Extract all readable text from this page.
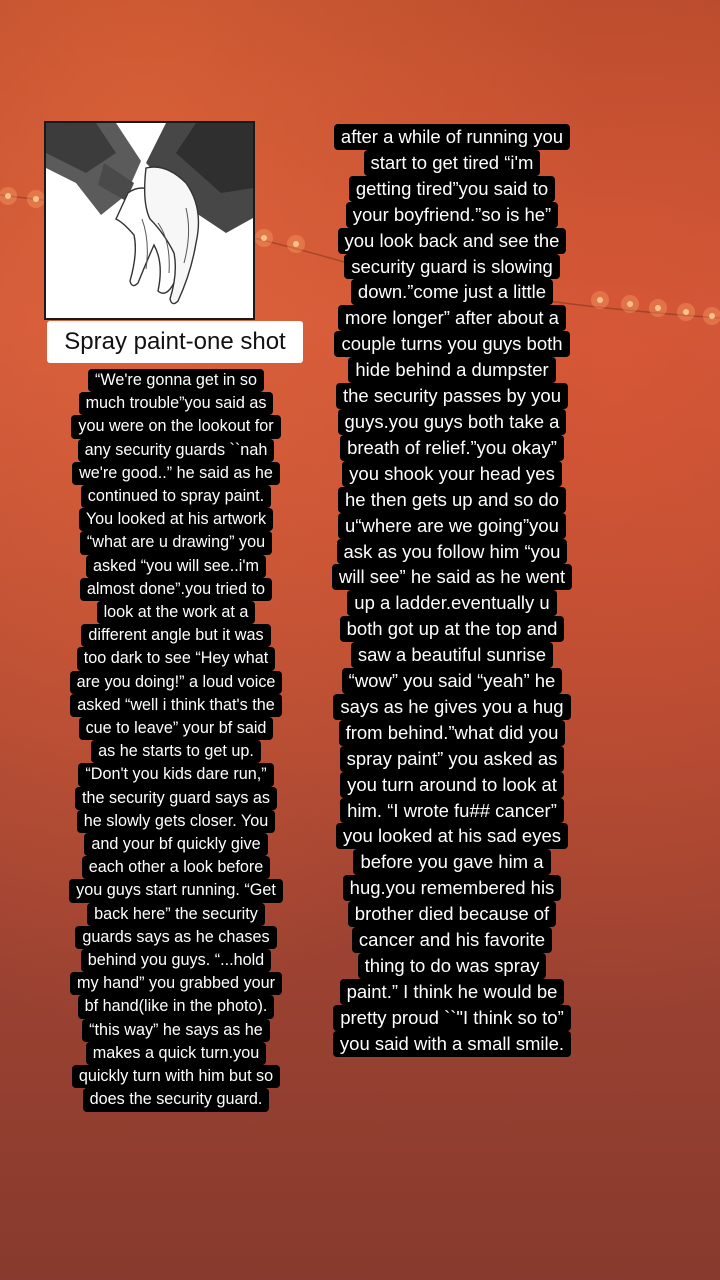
Spray paint-one shot
“We're gonna get in so
much trouble”you said as
you were on the lookout for
any security guards ``nah
we're good..” he said as he
continued to spray paint.
You looked at his artwork
“what are u drawing” you
asked “you will see..i'm
almost done”.you tried to
look at the work at a
different angle but it was
too dark to see “Hey what
are you doing!” a loud voice
asked “well i think that's the
cue to leave” your bf said
as he starts to get up.
“Don't you kids dare run,”
the security guard says as
he slowly gets closer. You
and your bf quickly give
each other a look before
you guys start running. “Get
back here” the security
guards says as he chases
behind you guys. “...hold
my hand” you grabbed your
bf hand(like in the photo).
“this way” he says as he
makes a quick turn.you
quickly turn with him but so
does the security guard.
after a while of running you
start to get tired “i'm
getting tired”you said to
your boyfriend.”so is he”
you look back and see the
security guard is slowing
down.”come just a little
more longer” after about a
couple turns you guys both
hide behind a dumpster
the security passes by you
guys.you guys both take a
breath of relief.”you okay”
you shook your head yes
he then gets up and so do
u“where are we going”you
ask as you follow him “you
will see” he said as he went
up a ladder.eventually u
both got up at the top and
saw a beautiful sunrise
“wow” you said “yeah” he
says as he gives you a hug
from behind.”what did you
spray paint” you asked as
you turn around to look at
him. “I wrote fu## cancer”
you looked at his sad eyes
before you gave him a
hug.you remembered his
brother died because of
cancer and his favorite
thing to do was spray
paint.” I think he would be
pretty proud ``"I think so to”
you said with a small smile.
